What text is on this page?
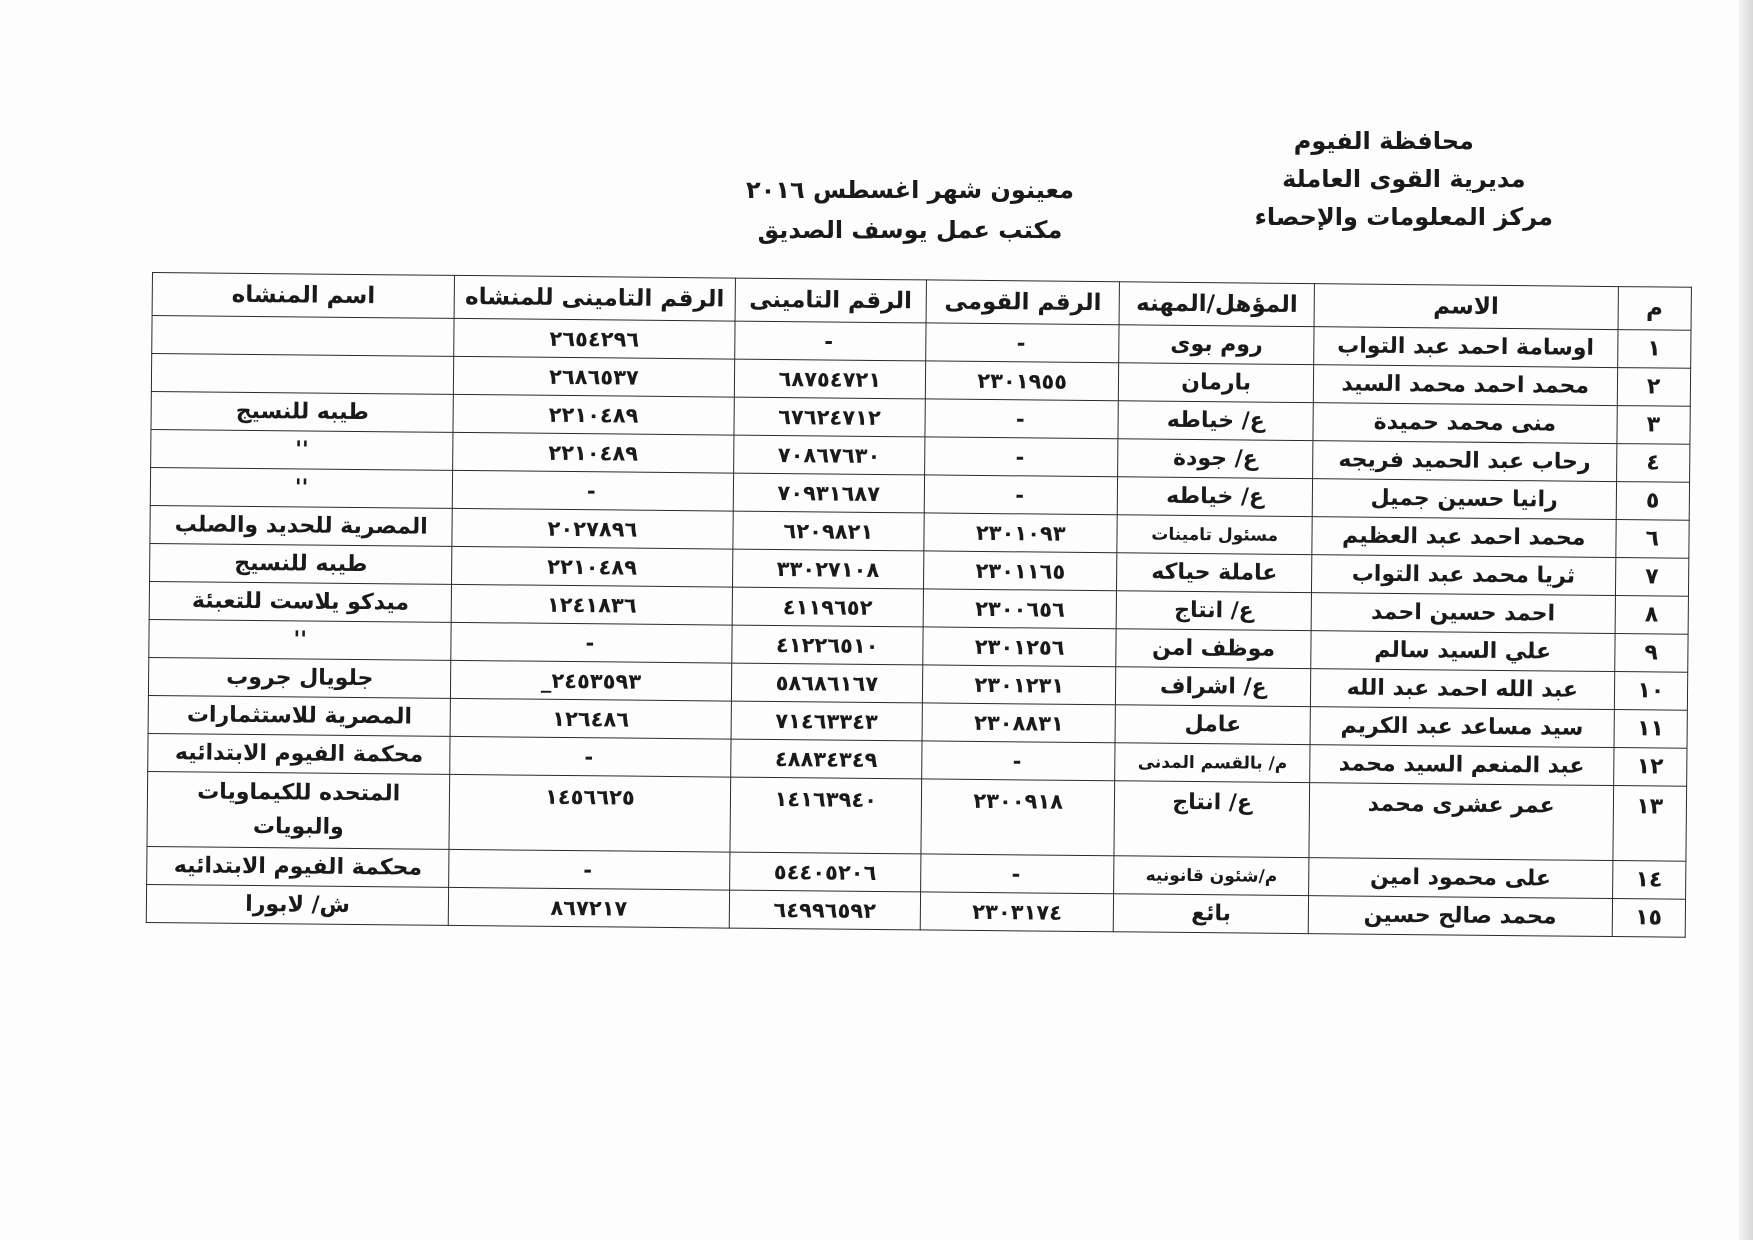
محافظة الفيوم
مديرية القوى العاملة
مركز المعلومات والإحصاء
معينون شهر اغسطس ٢٠١٦
مكتب عمل يوسف الصديق
م	الاسم	المؤهل/المهنه	الرقم القومى	الرقم التامينى	الرقم التامينى للمنشاه	اسم المنشاه
١	اوسامة احمد عبد التواب	روم بوى	-	-	٢٦٥٤٢٩٦	
٢	محمد احمد محمد السيد	بارمان	٢٣٠١٩٥٥	٦٨٧٥٤٧٢١	٢٦٨٦٥٣٧	
٣	منى محمد حميدة	ع/ خياطه	-	٦٧٦٢٤٧١٢	٢٢١٠٤٨٩	طيبه للنسيج
٤	رحاب عبد الحميد فريجه	ع/ جودة	-	٧٠٨٦٧٦٣٠	٢٢١٠٤٨٩	''
٥	رانيا حسين جميل	ع/ خياطه	-	٧٠٩٣١٦٨٧	-	''
٦	محمد احمد عبد العظيم	مسئول تامينات	٢٣٠١٠٩٣	٦٢٠٩٨٢١	٢٠٢٧٨٩٦	المصرية للحديد والصلب
٧	ثريا محمد عبد التواب	عاملة حياكه	٢٣٠١١٦٥	٣٣٠٢٧١٠٨	٢٢١٠٤٨٩	طيبه للنسيج
٨	احمد حسين احمد	ع/ انتاج	٢٣٠٠٦٥٦	٤١١٩٦٥٢	١٢٤١٨٣٦	ميدكو يلاست للتعبئة
٩	علي السيد سالم	موظف امن	٢٣٠١٢٥٦	٤١٢٢٦٥١٠	-	''
١٠	عبد الله احمد عبد الله	ع/ اشراف	٢٣٠١٢٣١	٥٨٦٨٦١٦٧	٢٤٥٣٥٩٣_	جلويال جروب
١١	سيد مساعد عبد الكريم	عامل	٢٣٠٨٨٣١	٧١٤٦٣٣٤٣	١٢٦٤٨٦	المصرية للاستثمارات
١٢	عبد المنعم السيد محمد	م/ بالقسم المدنى	-	٤٨٨٣٤٣٤٩	-	محكمة الفيوم الابتدائيه
١٣	عمر عشرى محمد	ع/ انتاج	٢٣٠٠٩١٨	١٤١٦٣٩٤٠	١٤٥٦٦٢٥	المتحده للكيماويات والبويات
١٤	على محمود امين	م/شئون قانونيه	-	٥٤٤٠٥٢٠٦	-	محكمة الفيوم الابتدائيه
١٥	محمد صالح حسين	بائع	٢٣٠٣١٧٤	٦٤٩٩٦٥٩٢	٨٦٧٢١٧	ش/ لابورا
